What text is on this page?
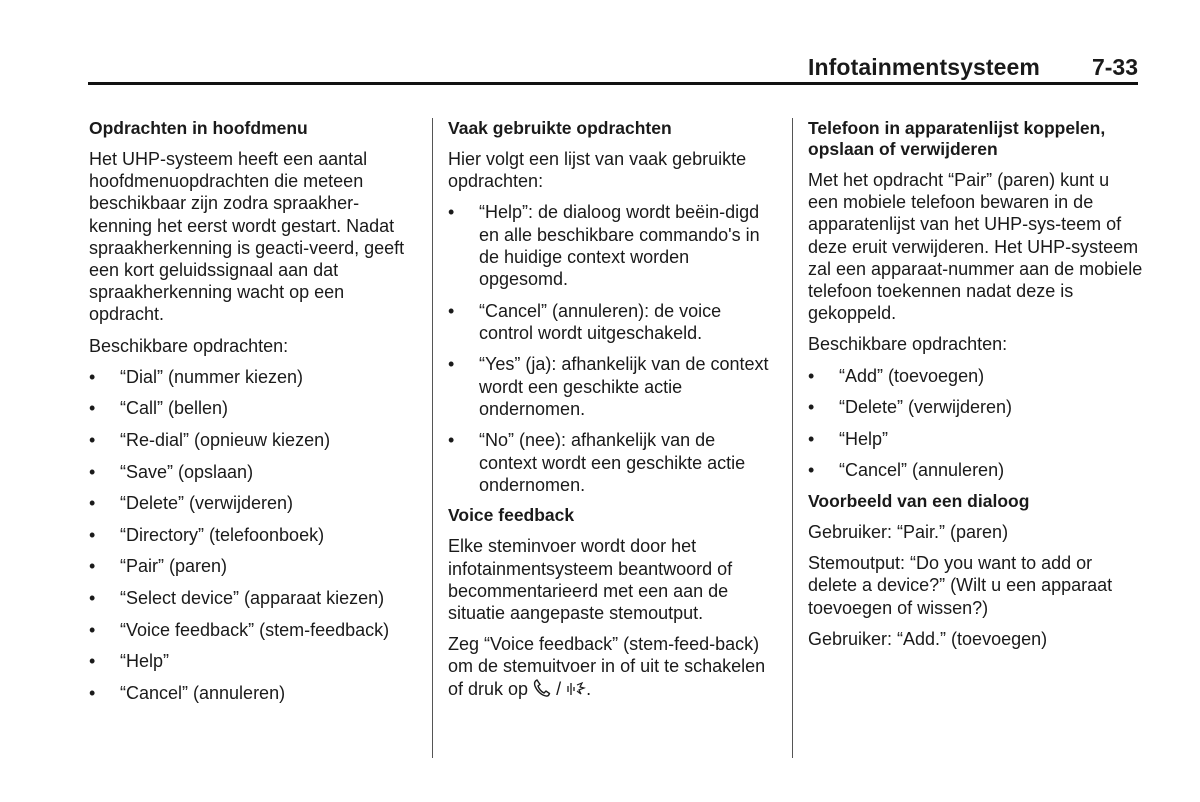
Infotainmentsysteem 7-33
Opdrachten in hoofdmenu

Het UHP-systeem heeft een aantal hoofdmenuopdrachten die meteen beschikbaar zijn zodra spraakher-kenning het eerst wordt gestart. Nadat spraakherkenning is geacti-veerd, geeft een kort geluidssignaal aan dat spraakherkenning wacht op een opdracht.

Beschikbare opdrachten:

• “Dial” (nummer kiezen)
• “Call” (bellen)
• “Re-dial” (opnieuw kiezen)
• “Save” (opslaan)
• “Delete” (verwijderen)
• “Directory” (telefoonboek)
• “Pair” (paren)
• “Select device” (apparaat kiezen)
• “Voice feedback” (stem-feedback)
• “Help”
• “Cancel” (annuleren)
Vaak gebruikte opdrachten

Hier volgt een lijst van vaak gebruikte opdrachten:

• “Help”: de dialoog wordt beëin-digd en alle beschikbare commando's in de huidige context worden opgesomd.
• “Cancel” (annuleren): de voice control wordt uitgeschakeld.
• “Yes” (ja): afhankelijk van de context wordt een geschikte actie ondernomen.
• “No” (nee): afhankelijk van de context wordt een geschikte actie ondernomen.
Voice feedback

Elke steminvoer wordt door het infotainmentsysteem beantwoord of becommentarieerd met een aan de situatie aangepaste stemoutput.

Zeg “Voice feedback” (stem-feed-back) om de stemuitvoer in of uit te schakelen of druk op / .

Telefoon in apparatenlijst koppelen, opslaan of verwijderen

Met het opdracht “Pair” (paren) kunt u een mobiele telefoon bewaren in de apparatenlijst van het UHP-sys-teem of deze eruit verwijderen. Het UHP-systeem zal een apparaat-nummer aan de mobiele telefoon toekennen nadat deze is gekoppeld.

Beschikbare opdrachten:

• “Add” (toevoegen)
• “Delete” (verwijderen)
• “Help”
• “Cancel” (annuleren)
Voorbeeld van een dialoog

Gebruiker: “Pair.” (paren)

Stemoutput: “Do you want to add or delete a device?” (Wilt u een apparaat toevoegen of wissen?)

Gebruiker: “Add.” (toevoegen)
